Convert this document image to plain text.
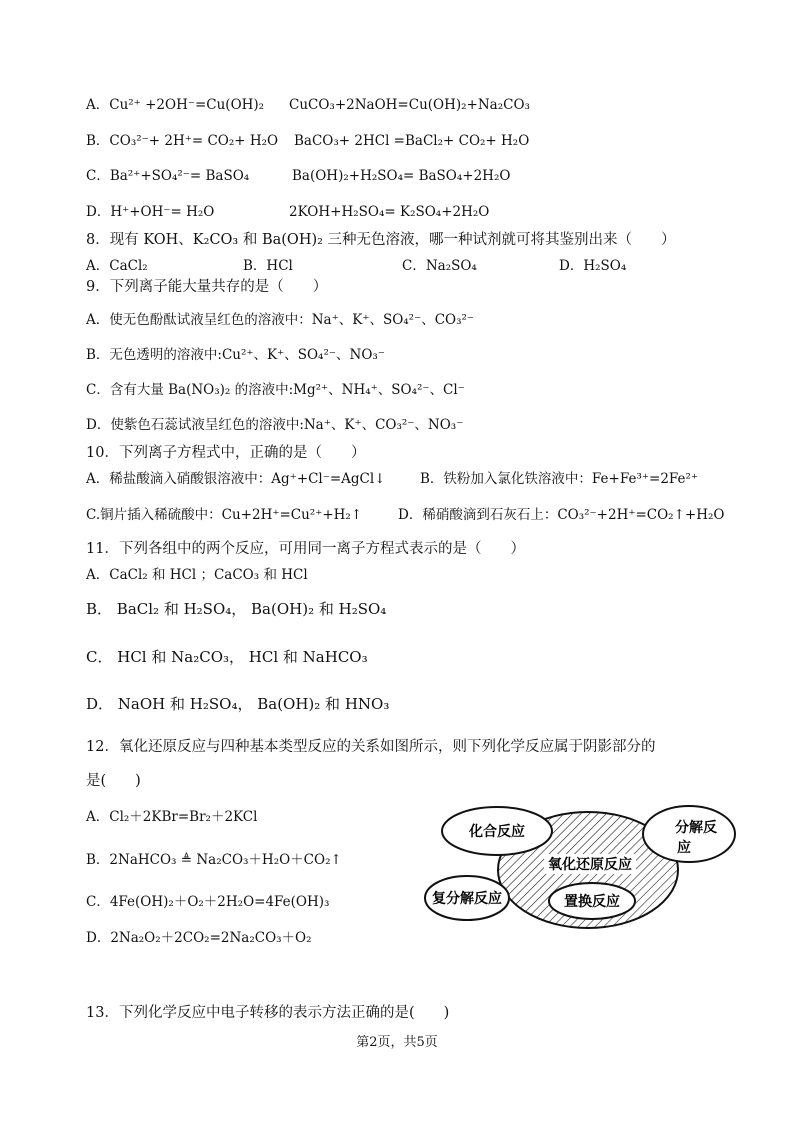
A．Cu²⁺ +2OH⁻=Cu(OH)₂ CuCO₃+2NaOH=Cu(OH)₂+Na₂CO₃
B．CO₃²⁻+ 2H⁺= CO₂+ H₂O BaCO₃+ 2HCl =BaCl₂+ CO₂+ H₂O
C．Ba²⁺+SO₄²⁻= BaSO₄	Ba(OH)₂+H₂SO₄= BaSO₄+2H₂O
D．H⁺+OH⁻= H₂O	2KOH+H₂SO₄= K₂SO₄+2H₂O
8．现有 KOH、K₂CO₃ 和 Ba(OH)₂ 三种无色溶液，哪一种试剂就可将其鉴别出来（　　）
A．CaCl₂	B．HCl	C．Na₂SO₄	D．H₂SO₄
9．下列离子能大量共存的是（　　）
A．使无色酚酞试液呈红色的溶液中：Na⁺、K⁺、SO₄²⁻、CO₃²⁻
B．无色透明的溶液中:Cu²⁺、K⁺、SO₄²⁻、NO₃⁻
C．含有大量 Ba(NO₃)₂ 的溶液中:Mg²⁺、NH₄⁺、SO₄²⁻、Cl⁻
D．使紫色石蕊试液呈红色的溶液中:Na⁺、K⁺、CO₃²⁻、NO₃⁻
10．下列离子方程式中，正确的是（　　）
A．稀盐酸滴入硝酸银溶液中：Ag⁺+Cl⁻=AgCl↓	B．铁粉加入氯化铁溶液中：Fe+Fe³⁺=2Fe²⁺
C.铜片插入稀硫酸中：Cu+2H⁺=Cu²⁺+H₂↑	D．稀硝酸滴到石灰石上：CO₃²⁻+2H⁺=CO₂↑+H₂O
11．下列各组中的两个反应，可用同一离子方程式表示的是（　　）
A．CaCl₂ 和 HCl ；CaCO₃ 和 HCl
B． BaCl₂ 和 H₂SO₄， Ba(OH)₂ 和 H₂SO₄
C． HCl 和 Na₂CO₃， HCl 和 NaHCO₃
D． NaOH 和 H₂SO₄， Ba(OH)₂ 和 HNO₃
12．氧化还原反应与四种基本类型反应的关系如图所示，则下列化学反应属于阴影部分的
是(　　)
A．Cl₂＋2KBr=Br₂＋2KCl
B．2NaHCO₃ ≜ Na₂CO₃＋H₂O＋CO₂↑
C．4Fe(OH)₂＋O₂＋2H₂O=4Fe(OH)₃
D．2Na₂O₂＋2CO₂=2Na₂CO₃＋O₂
化合反应	分解反
应
氧化还原反应
复分解反应	置换反应
13．下列化学反应中电子转移的表示方法正确的是(　　)
第2页，共5页
